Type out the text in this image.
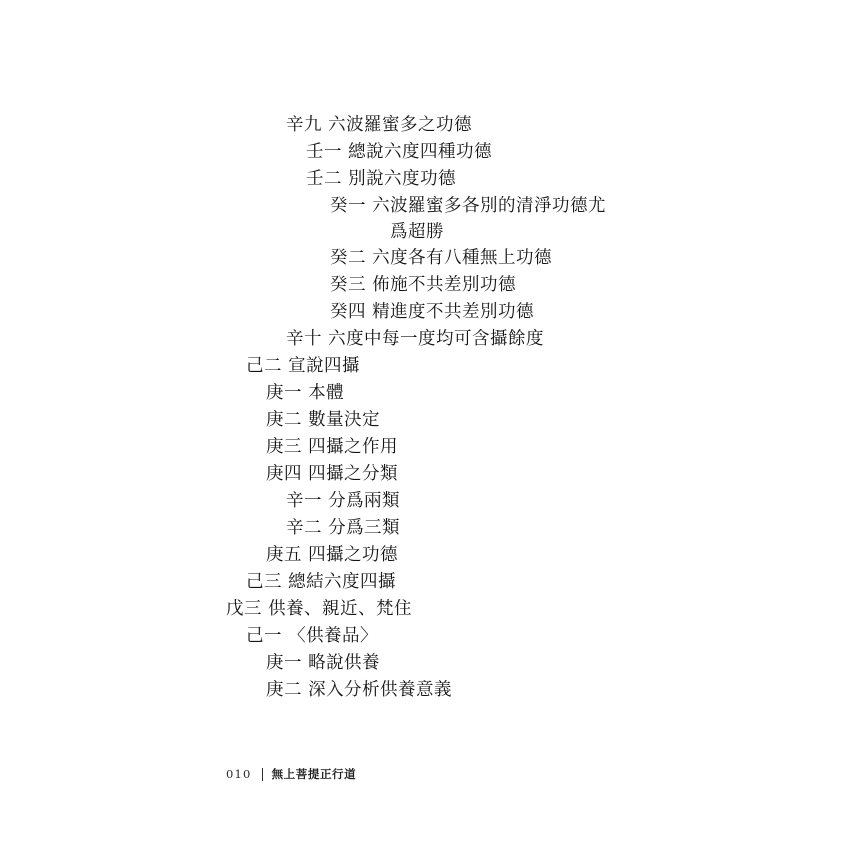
辛九 六波羅蜜多之功德
壬一 總說六度四種功德
壬二 別說六度功德
癸一 六波羅蜜多各別的清淨功德尤
爲超勝
癸二 六度各有八種無上功德
癸三 佈施不共差別功德
癸四 精進度不共差別功德
辛十 六度中每一度均可含攝餘度
己二 宣說四攝
庚一 本體
庚二 數量決定
庚三 四攝之作用
庚四 四攝之分類
辛一 分爲兩類
辛二 分爲三類
庚五 四攝之功德
己三 總結六度四攝
戊三 供養、親近、梵住
己一 〈供養品〉
庚一 略說供養
庚二 深入分析供養意義
010 無上菩提正行道
